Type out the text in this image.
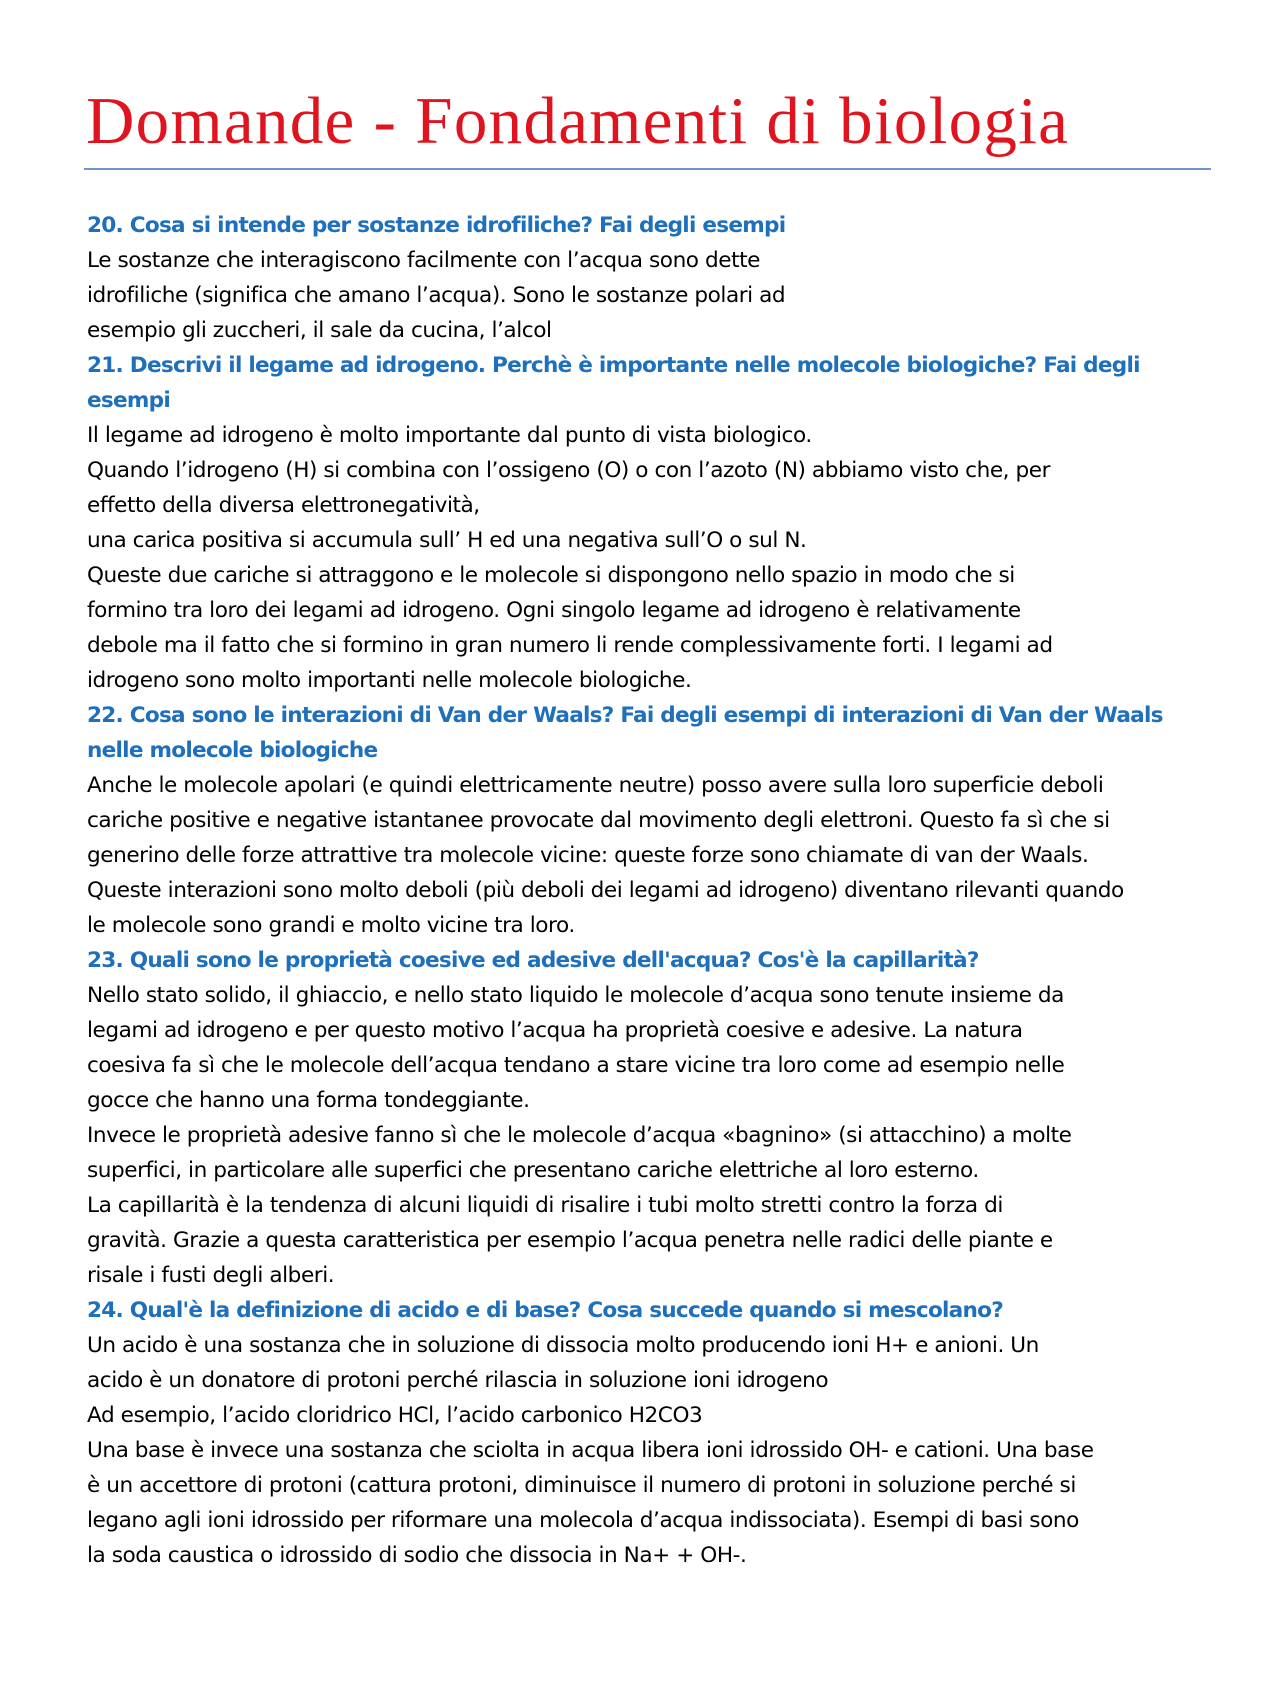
Domande - Fondamenti di biologia
20. Cosa si intende per sostanze idrofiliche? Fai degli esempi
Le sostanze che interagiscono facilmente con l’acqua sono dette
idrofiliche (significa che amano l’acqua). Sono le sostanze polari ad
esempio gli zuccheri, il sale da cucina, l’alcol
21. Descrivi il legame ad idrogeno. Perchè è importante nelle molecole biologiche? Fai degli
esempi
Il legame ad idrogeno è molto importante dal punto di vista biologico.
Quando l’idrogeno (H) si combina con l’ossigeno (O) o con l’azoto (N) abbiamo visto che, per
effetto della diversa elettronegatività,
una carica positiva si accumula sull’ H ed una negativa sull’O o sul N.
Queste due cariche si attraggono e le molecole si dispongono nello spazio in modo che si
formino tra loro dei legami ad idrogeno. Ogni singolo legame ad idrogeno è relativamente
debole ma il fatto che si formino in gran numero li rende complessivamente forti. I legami ad
idrogeno sono molto importanti nelle molecole biologiche.
22. Cosa sono le interazioni di Van der Waals? Fai degli esempi di interazioni di Van der Waals
nelle molecole biologiche
Anche le molecole apolari (e quindi elettricamente neutre) posso avere sulla loro superficie deboli
cariche positive e negative istantanee provocate dal movimento degli elettroni. Questo fa sì che si
generino delle forze attrattive tra molecole vicine: queste forze sono chiamate di van der Waals.
Queste interazioni sono molto deboli (più deboli dei legami ad idrogeno) diventano rilevanti quando
le molecole sono grandi e molto vicine tra loro.
23. Quali sono le proprietà coesive ed adesive dell'acqua? Cos'è la capillarità?
Nello stato solido, il ghiaccio, e nello stato liquido le molecole d’acqua sono tenute insieme da
legami ad idrogeno e per questo motivo l’acqua ha proprietà coesive e adesive. La natura
coesiva fa sì che le molecole dell’acqua tendano a stare vicine tra loro come ad esempio nelle
gocce che hanno una forma tondeggiante.
Invece le proprietà adesive fanno sì che le molecole d’acqua «bagnino» (si attacchino) a molte
superfici, in particolare alle superfici che presentano cariche elettriche al loro esterno.
La capillarità è la tendenza di alcuni liquidi di risalire i tubi molto stretti contro la forza di
gravità. Grazie a questa caratteristica per esempio l’acqua penetra nelle radici delle piante e
risale i fusti degli alberi.
24. Qual'è la definizione di acido e di base? Cosa succede quando si mescolano?
Un acido è una sostanza che in soluzione di dissocia molto producendo ioni H+ e anioni. Un
acido è un donatore di protoni perché rilascia in soluzione ioni idrogeno
Ad esempio, l’acido cloridrico HCl, l’acido carbonico H2CO3
Una base è invece una sostanza che sciolta in acqua libera ioni idrossido OH- e cationi. Una base
è un accettore di protoni (cattura protoni, diminuisce il numero di protoni in soluzione perché si
legano agli ioni idrossido per riformare una molecola d’acqua indissociata). Esempi di basi sono
la soda caustica o idrossido di sodio che dissocia in Na+ + OH-.
